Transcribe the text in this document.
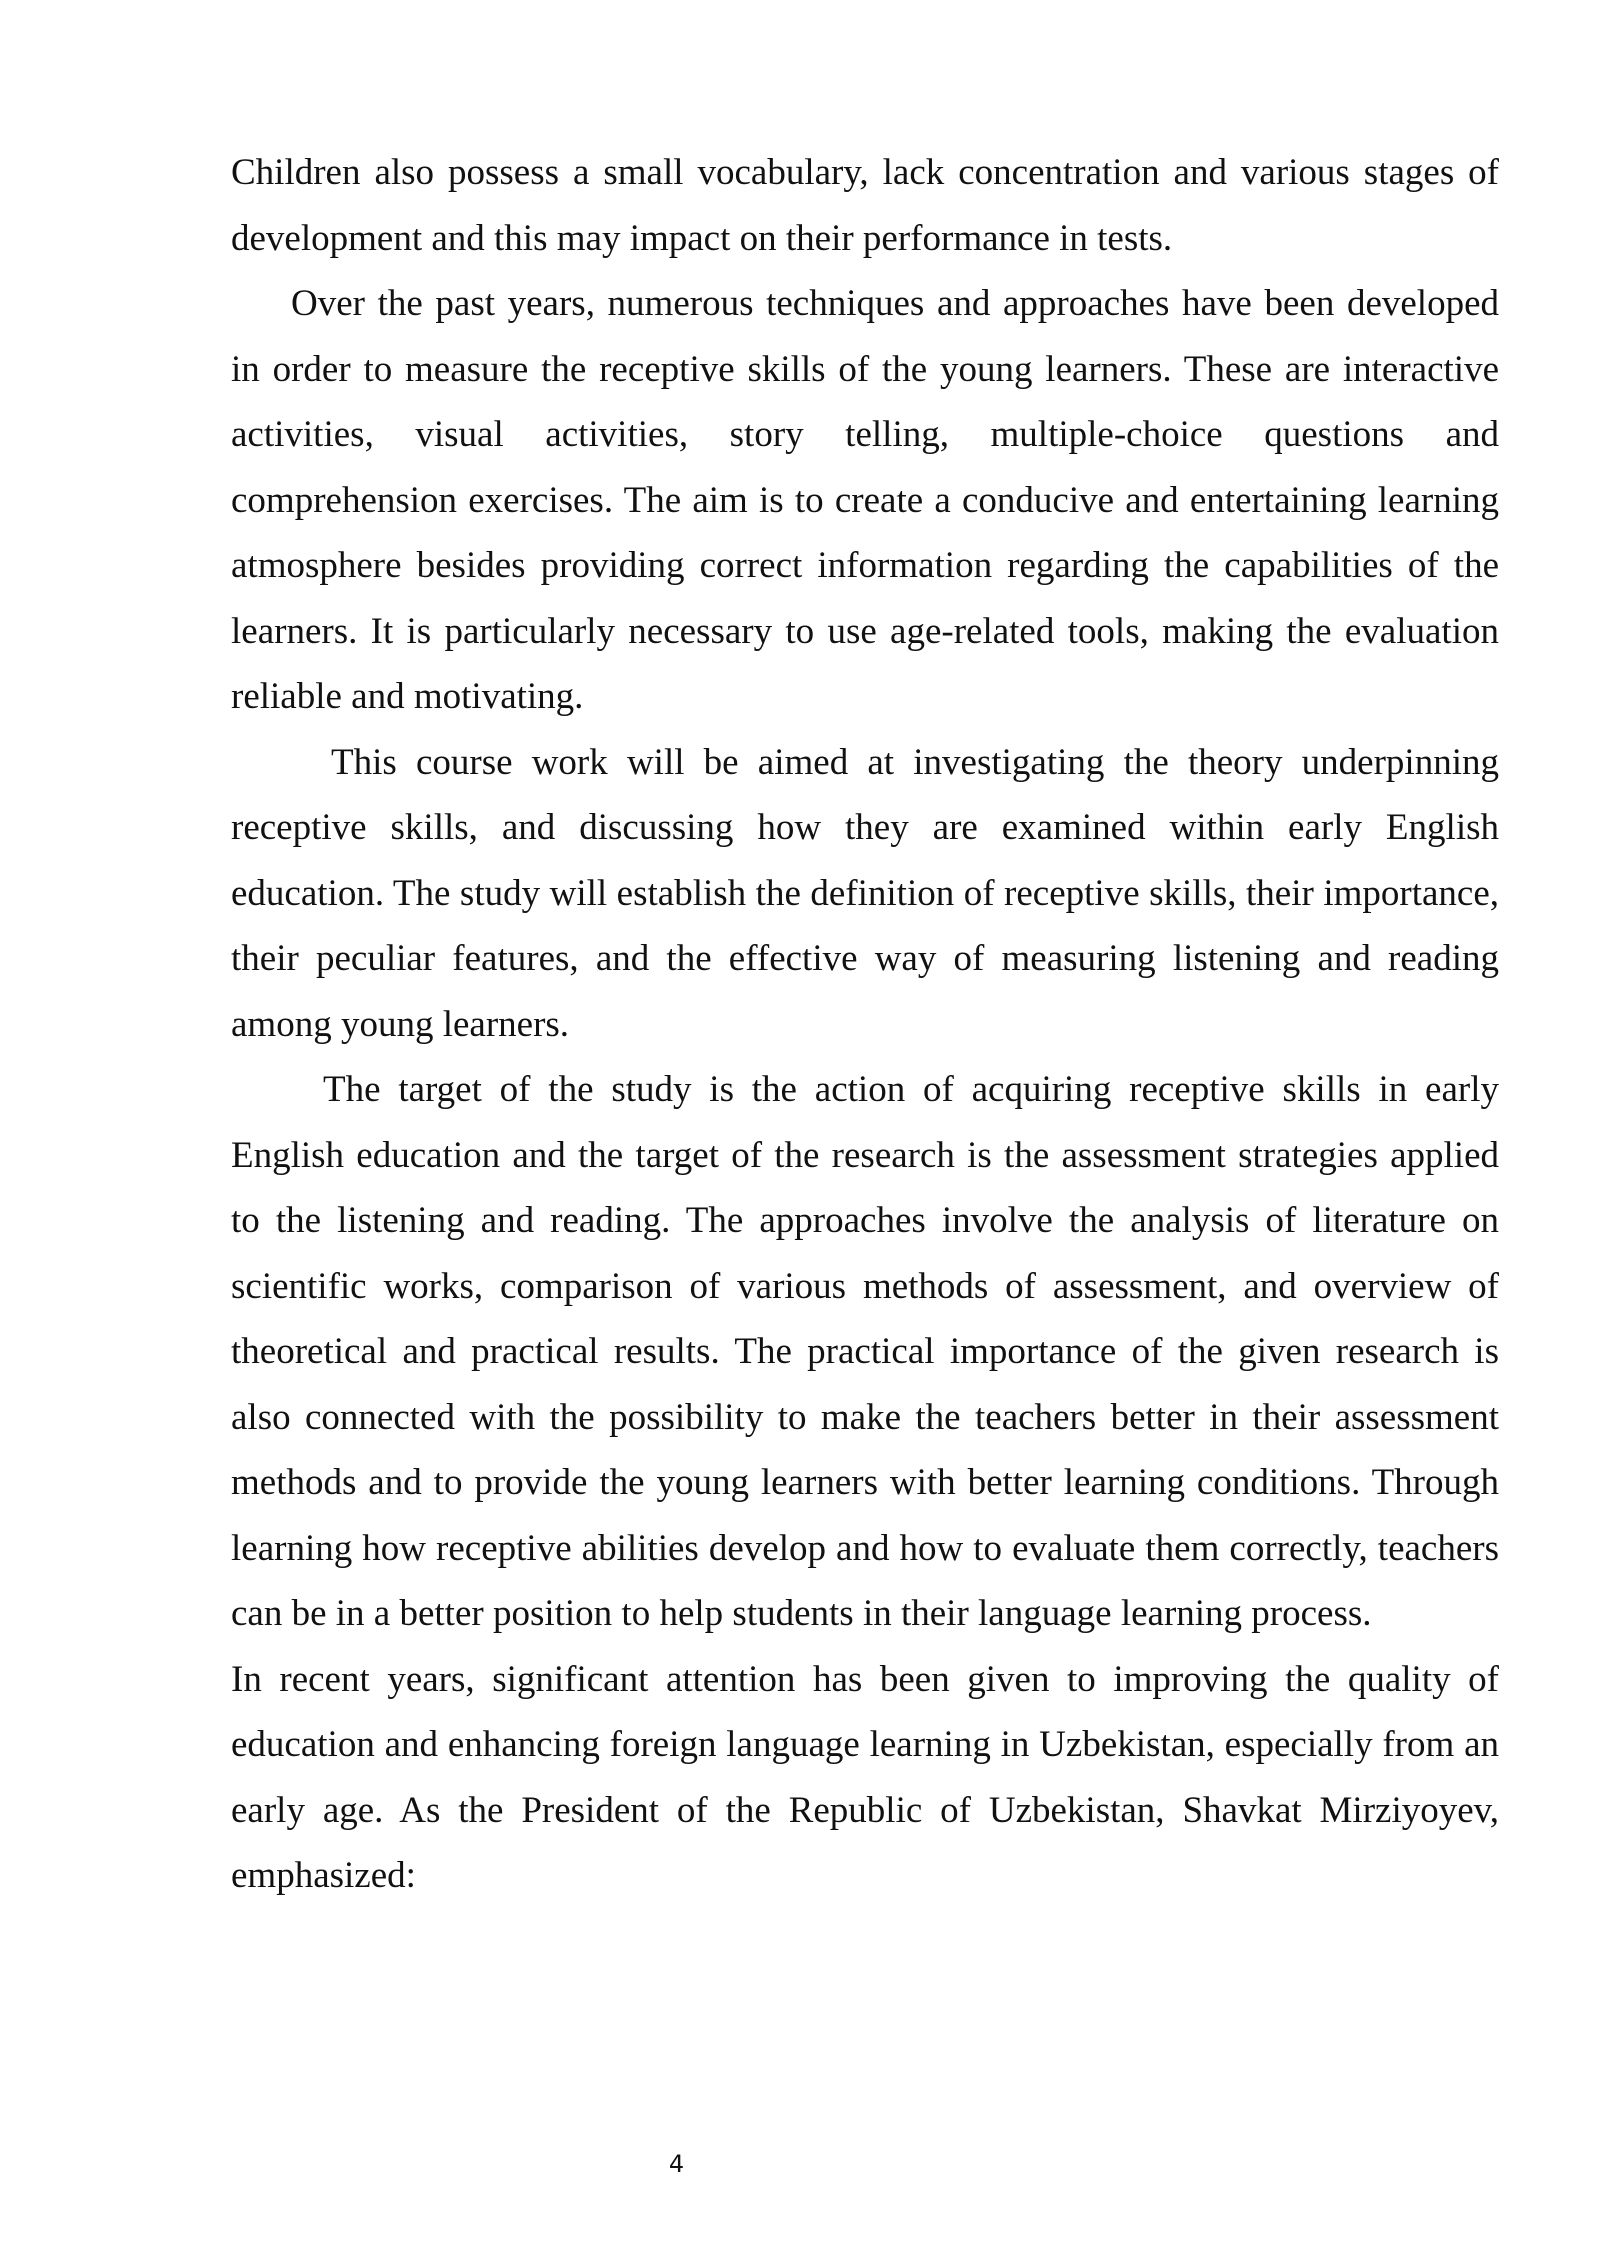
Children also possess a small vocabulary, lack concentration and various stages of development and this may impact on their performance in tests.

Over the past years, numerous techniques and approaches have been developed in order to measure the receptive skills of the young learners. These are interactive activities, visual activities, story telling, multiple-choice questions and comprehension exercises. The aim is to create a conducive and entertaining learning atmosphere besides providing correct information regarding the capabilities of the learners. It is particularly necessary to use age-related tools, making the evaluation reliable and motivating.

This course work will be aimed at investigating the theory underpinning receptive skills, and discussing how they are examined within early English education. The study will establish the definition of receptive skills, their importance, their peculiar features, and the effective way of measuring listening and reading among young learners.

The target of the study is the action of acquiring receptive skills in early English education and the target of the research is the assessment strategies applied to the listening and reading. The approaches involve the analysis of literature on scientific works, comparison of various methods of assessment, and overview of theoretical and practical results. The practical importance of the given research is also connected with the possibility to make the teachers better in their assessment methods and to provide the young learners with better learning conditions. Through learning how receptive abilities develop and how to evaluate them correctly, teachers can be in a better position to help students in their language learning process.

In recent years, significant attention has been given to improving the quality of education and enhancing foreign language learning in Uzbekistan, especially from an early age. As the President of the Republic of Uzbekistan, Shavkat Mirziyoyev, emphasized:

4
